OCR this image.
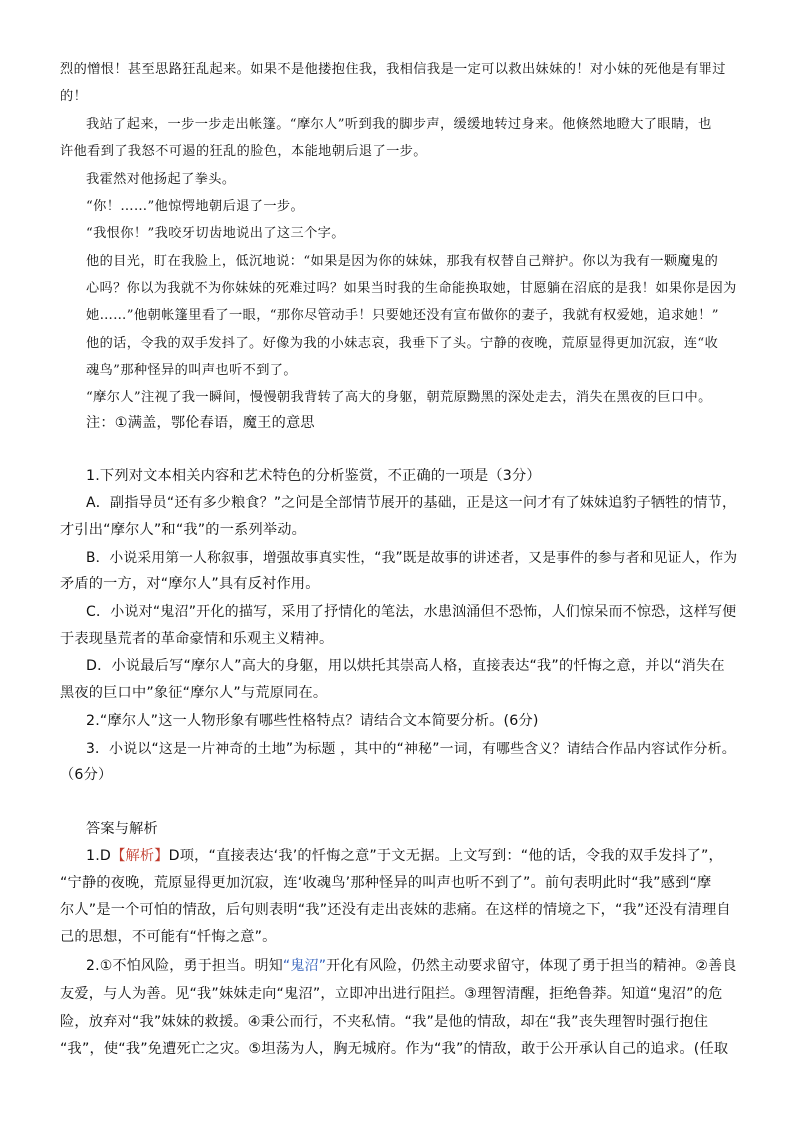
烈的憎恨！甚至思路狂乱起来。如果不是他搂抱住我，我相信我是一定可以救出妹妹的！对小妹的死他是有罪过
的！
我站了起来，一步一步走出帐篷。“摩尔人”听到我的脚步声，缓缓地转过身来。他倏然地瞪大了眼睛，也
许他看到了我怒不可遏的狂乱的脸色，本能地朝后退了一步。
我霍然对他扬起了拳头。
“你！……”他惊愕地朝后退了一步。
“我恨你！”我咬牙切齿地说出了这三个字。
他的目光，盯在我脸上，低沉地说：“如果是因为你的妹妹，那我有权替自己辩护。你以为我有一颗魔鬼的
心吗？你以为我就不为你妹妹的死难过吗？如果当时我的生命能换取她，甘愿躺在沼底的是我！如果你是因为
她……”他朝帐篷里看了一眼，“那你尽管动手！只要她还没有宣布做你的妻子，我就有权爱她，追求她！”
他的话，令我的双手发抖了。好像为我的小妹志哀，我垂下了头。宁静的夜晚，荒原显得更加沉寂，连“收
魂鸟”那种怪异的叫声也听不到了。
“摩尔人”注视了我一瞬间，慢慢朝我背转了高大的身躯，朝荒原黝黑的深处走去，消失在黑夜的巨口中。
注：①满盖，鄂伦春语，魔王的意思
1.下列对文本相关内容和艺术特色的分析鉴赏，不正确的一项是（3分）
A．副指导员“还有多少粮食？”之问是全部情节展开的基础，正是这一问才有了妹妹追豹子牺牲的情节，
才引出“摩尔人”和“我”的一系列举动。
B．小说采用第一人称叙事，增强故事真实性，“我”既是故事的讲述者，又是事件的参与者和见证人，作为
矛盾的一方，对“摩尔人”具有反衬作用。
C．小说对“鬼沼”开化的描写，采用了抒情化的笔法，水患汹涌但不恐怖，人们惊呆而不惊恐，这样写便
于表现垦荒者的革命豪情和乐观主义精神。
D．小说最后写“摩尔人”高大的身躯，用以烘托其崇高人格，直接表达“我”的忏悔之意，并以“消失在
黑夜的巨口中”象征“摩尔人”与荒原同在。
2.“摩尔人”这一人物形象有哪些性格特点？请结合文本简要分析。(6分)
3．小说以“这是一片神奇的土地”为标题 ，其中的“神秘”一词，有哪些含义？请结合作品内容试作分析。
（6分）
答案与解析
1.D【解析】D项，“直接表达‘我’的忏悔之意”于文无据。上文写到：“他的话，令我的双手发抖了”，
“宁静的夜晚，荒原显得更加沉寂，连‘收魂鸟’那种怪异的叫声也听不到了”。前句表明此时“我”感到“摩
尔人”是一个可怕的情敌，后句则表明“我”还没有走出丧妹的悲痛。在这样的情境之下，“我”还没有清理自
己的思想，不可能有“忏悔之意”。
2.①不怕风险，勇于担当。明知“鬼沼”开化有风险，仍然主动要求留守，体现了勇于担当的精神。②善良
友爱，与人为善。见“我”妹妹走向“鬼沼”，立即冲出进行阻拦。③理智清醒，拒绝鲁莽。知道“鬼沼”的危
险，放弃对“我”妹妹的救援。④秉公而行，不夹私情。“我”是他的情敌，却在“我”丧失理智时强行抱住
“我”，使“我”免遭死亡之灾。⑤坦荡为人，胸无城府。作为“我”的情敌，敢于公开承认自己的追求。(任取
